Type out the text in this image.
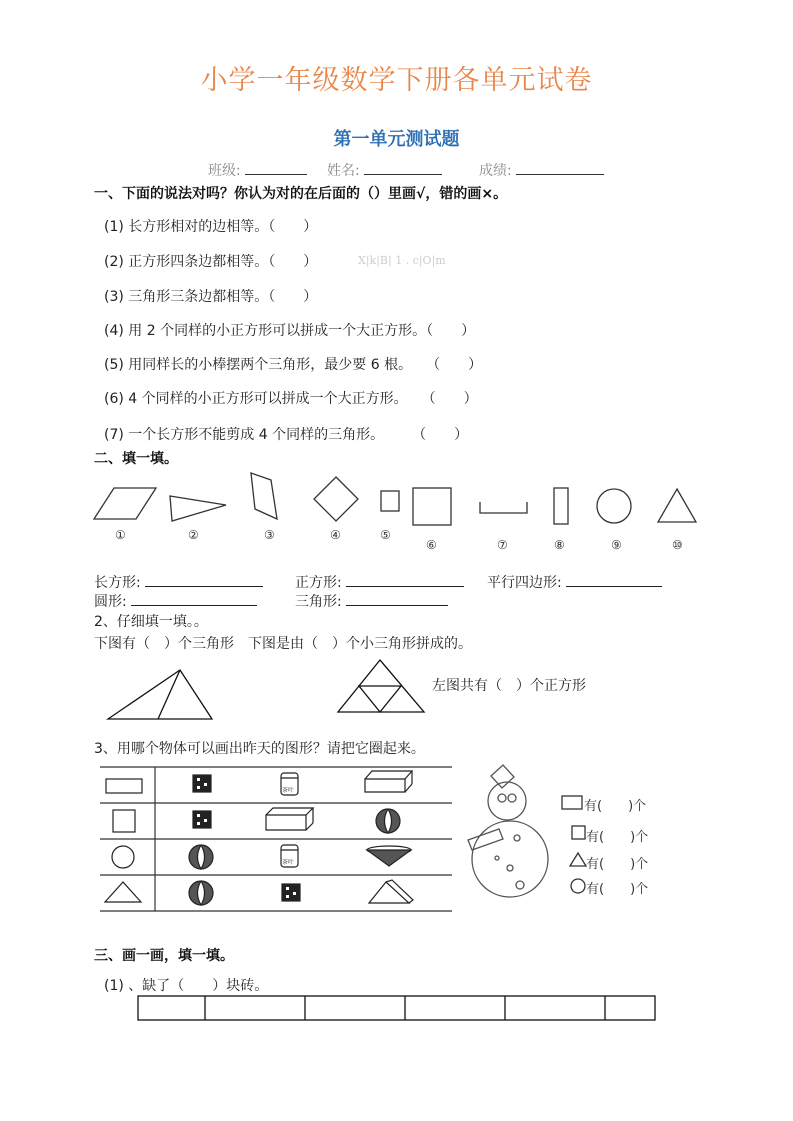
小学一年级数学下册各单元试卷
第一单元测试题
班级:	姓名:	成绩:
一、下面的说法对吗？你认为对的在后面的（）里画√，错的画×。
(1) 长方形相对的边相等。（　　）
(2) 正方形四条边都相等。（　　）	X|k|B| 1 . c|O|m
(3) 三角形三条边都相等。（　　）
(4) 用 2 个同样的小正方形可以拼成一个大正方形。（　　）
(5) 用同样长的小棒摆两个三角形，最少要 6 根。　　（　　）
(6) 4 个同样的小正方形可以拼成一个大正方形。　　（　　）
(7) 一个长方形不能剪成 4 个同样的三角形。　　　（　　）
二、填一填。
①	②	③	④	⑤
⑥	⑦	⑧	⑨	⑩
长方形:	正方形:	平行四边形:
圆形:	三角形:
2、仔细填一填。。
下图有（　）个三角形　下图是由（　）个小三角形拼成的。
左图共有（　）个正方形
3、用哪个物体可以画出昨天的图形？请把它圈起来。
茶叶
茶叶
有(　　)个
有(　　)个
有(　　)个
有(　　)个
三、画一画，填一填。
(1) 、缺了（　　）块砖。
